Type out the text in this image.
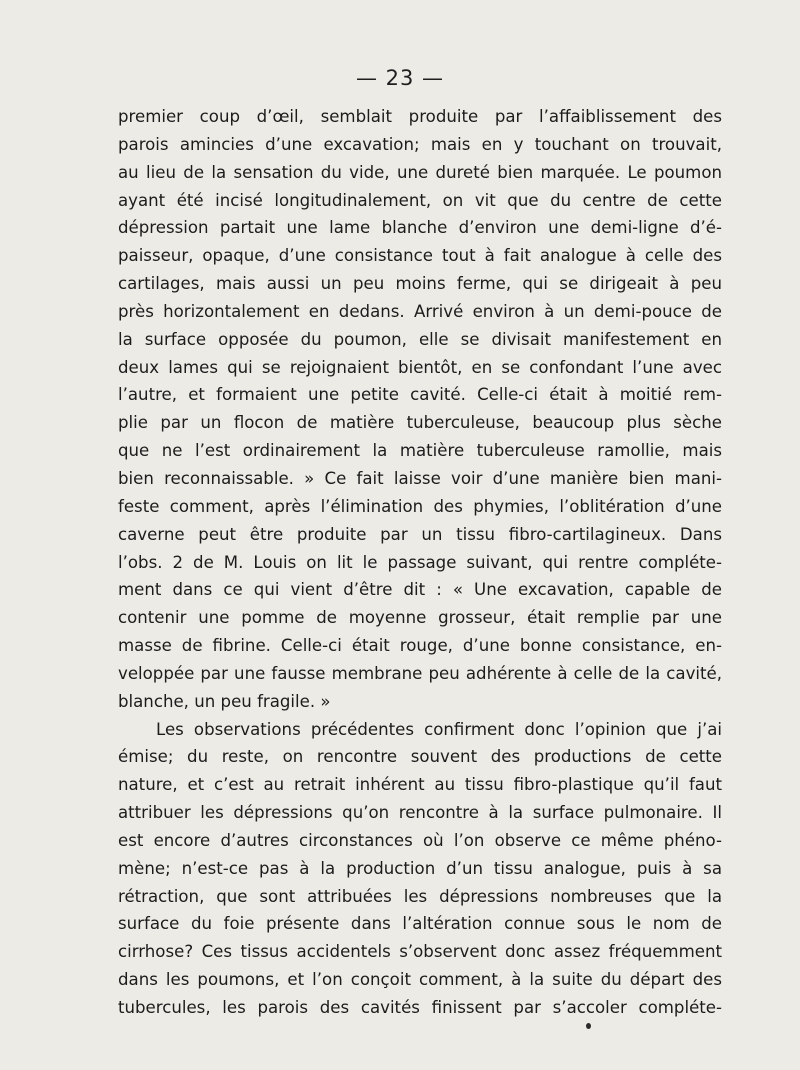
— 23 —
premier coup d’œil, semblait produite par l’affaiblissement des
parois amincies d’une excavation; mais en y touchant on trouvait,
au lieu de la sensation du vide, une dureté bien marquée. Le poumon
ayant été incisé longitudinalement, on vit que du centre de cette
dépression partait une lame blanche d’environ une demi-ligne d’é-
paisseur, opaque, d’une consistance tout à fait analogue à celle des
cartilages, mais aussi un peu moins ferme, qui se dirigeait à peu
près horizontalement en dedans. Arrivé environ à un demi-pouce de
la surface opposée du poumon, elle se divisait manifestement en
deux lames qui se rejoignaient bientôt, en se confondant l’une avec
l’autre, et formaient une petite cavité. Celle-ci était à moitié rem-
plie par un flocon de matière tuberculeuse, beaucoup plus sèche
que ne l’est ordinairement la matière tuberculeuse ramollie, mais
bien reconnaissable. » Ce fait laisse voir d’une manière bien mani-
feste comment, après l’élimination des phymies, l’oblitération d’une
caverne peut être produite par un tissu fibro-cartilagineux. Dans
l’obs. 2 de M. Louis on lit le passage suivant, qui rentre compléte-
ment dans ce qui vient d’être dit : « Une excavation, capable de
contenir une pomme de moyenne grosseur, était remplie par une
masse de fibrine. Celle-ci était rouge, d’une bonne consistance, en-
veloppée par une fausse membrane peu adhérente à celle de la cavité,
blanche, un peu fragile. »
Les observations précédentes confirment donc l’opinion que j’ai
émise; du reste, on rencontre souvent des productions de cette
nature, et c’est au retrait inhérent au tissu fibro-plastique qu’il faut
attribuer les dépressions qu’on rencontre à la surface pulmonaire. Il
est encore d’autres circonstances où l’on observe ce même phéno-
mène; n’est-ce pas à la production d’un tissu analogue, puis à sa
rétraction, que sont attribuées les dépressions nombreuses que la
surface du foie présente dans l’altération connue sous le nom de
cirrhose? Ces tissus accidentels s’observent donc assez fréquemment
dans les poumons, et l’on conçoit comment, à la suite du départ des
tubercules, les parois des cavités finissent par s’accoler compléte-
